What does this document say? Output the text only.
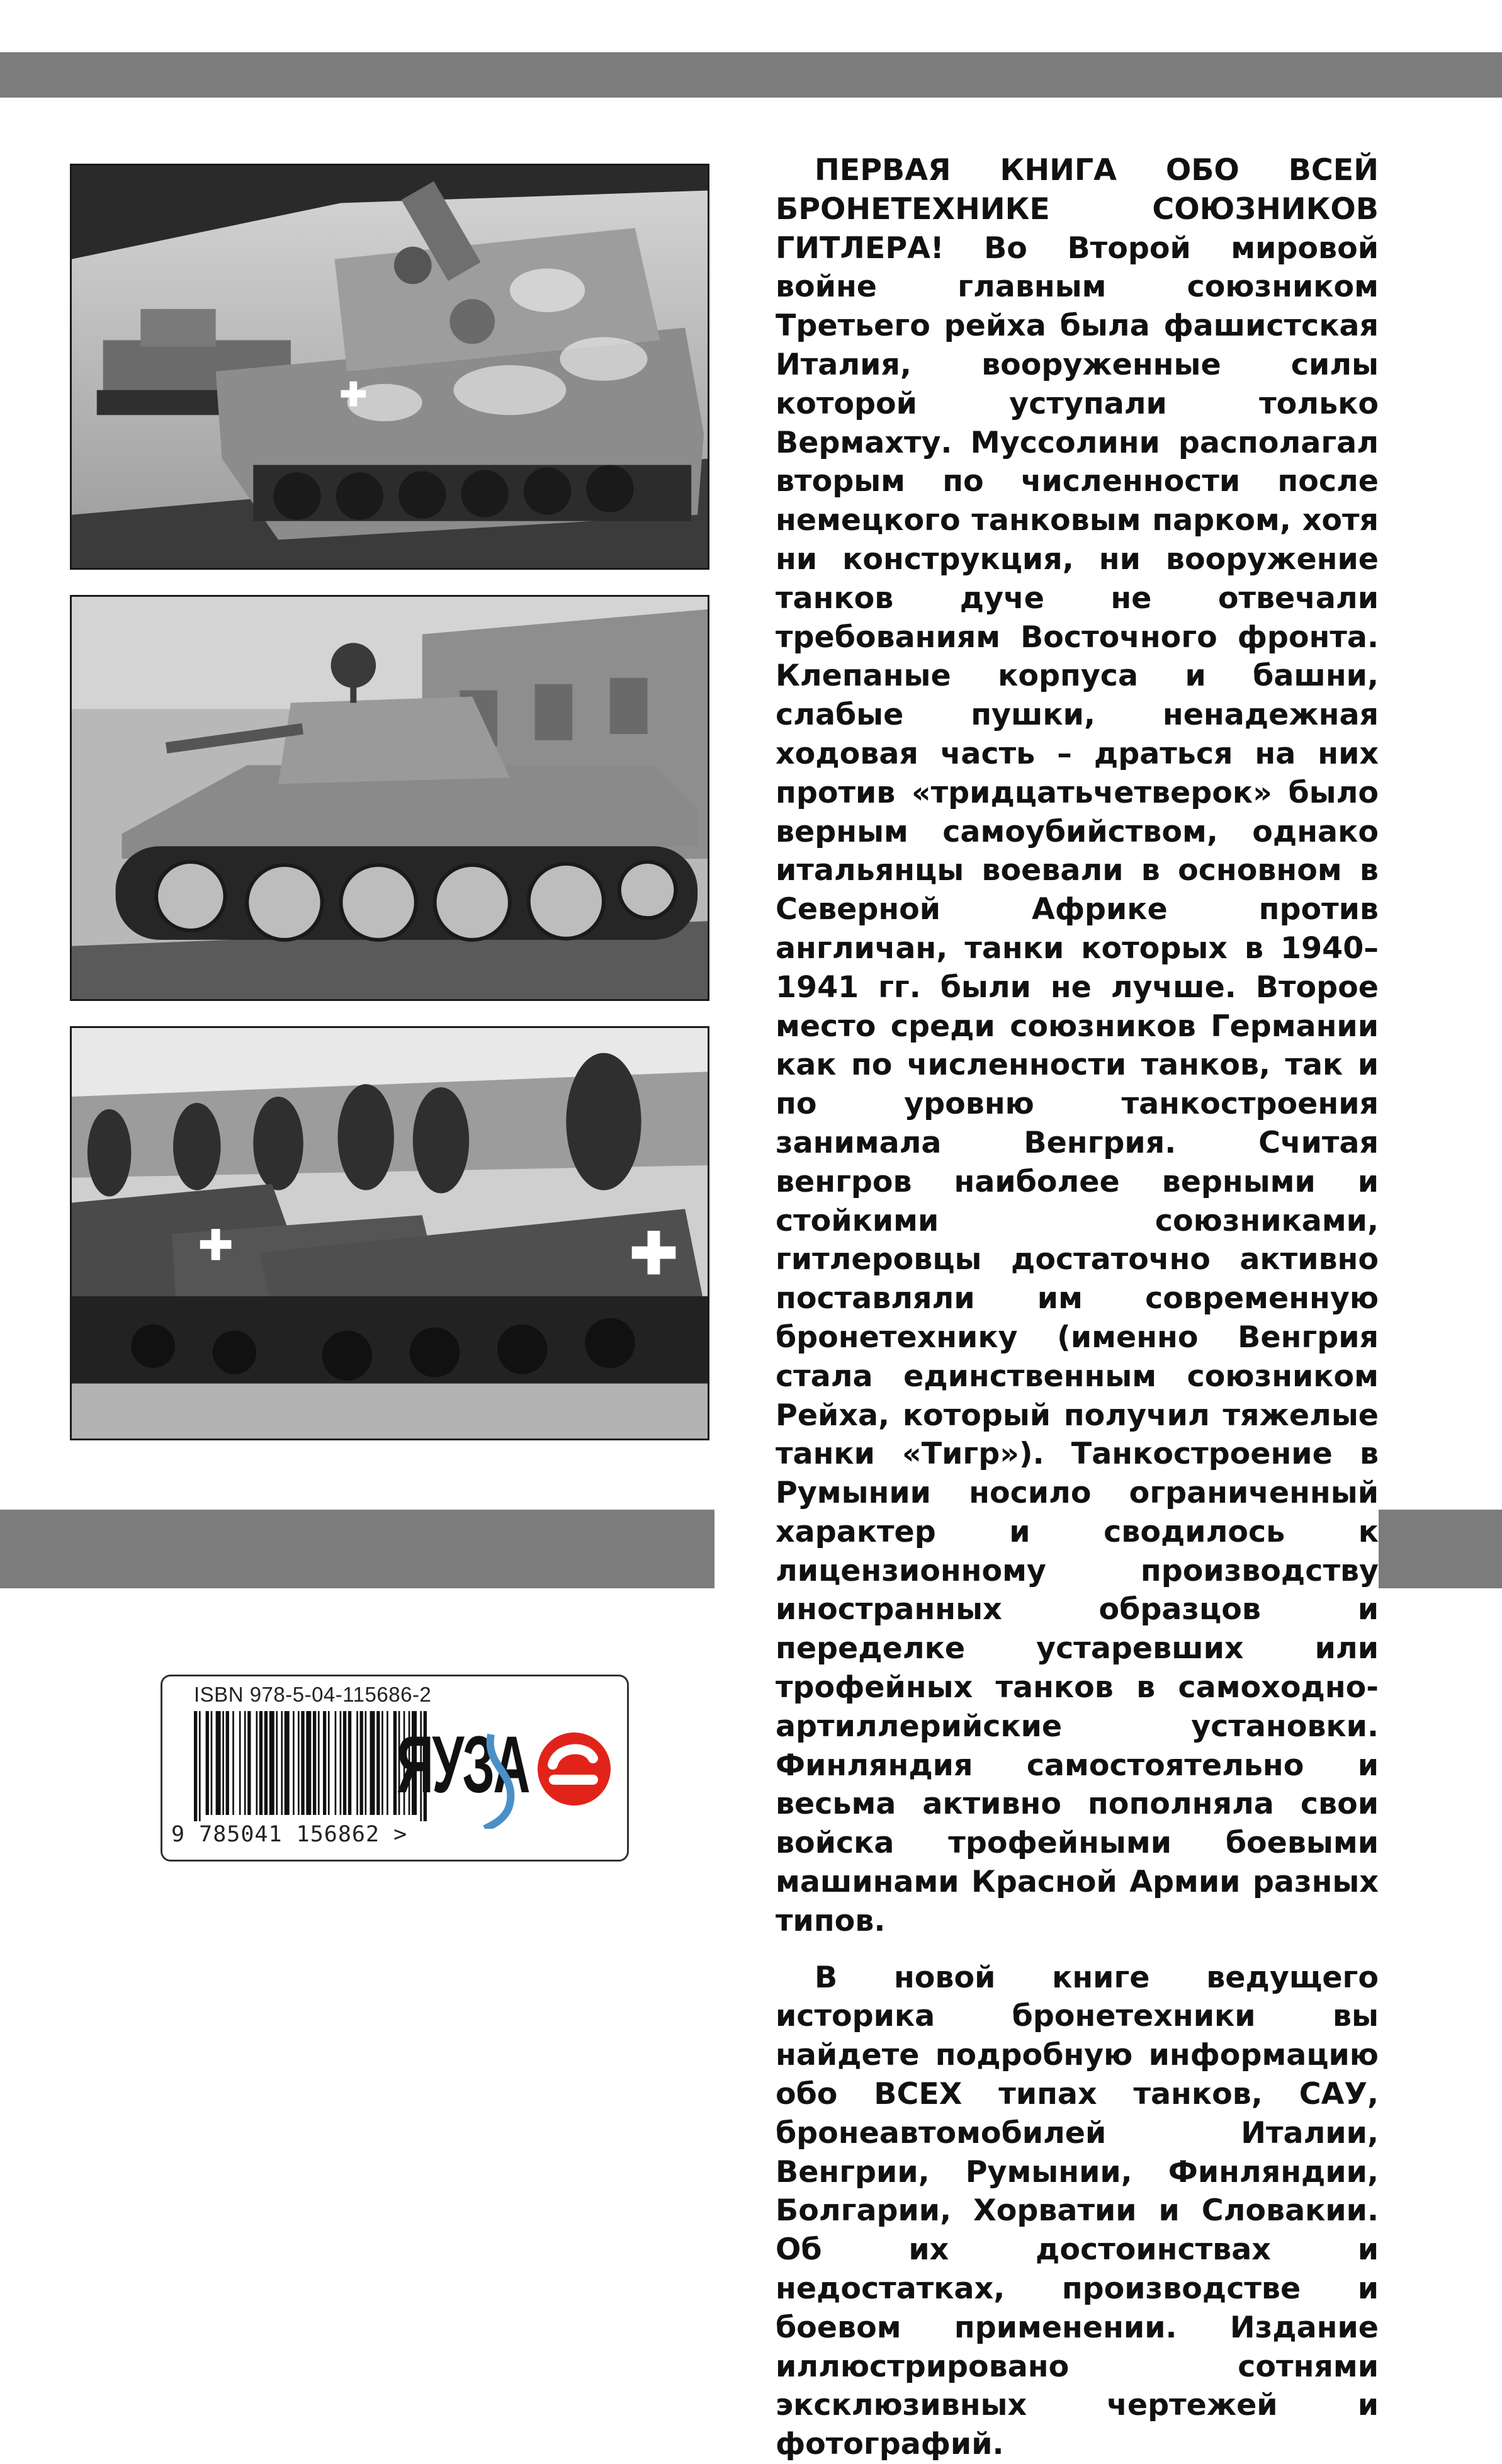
ПЕРВАЯ КНИГА ОБО ВСЕЙ БРОНЕТЕХНИКЕ СОЮЗНИКОВ ГИТЛЕРА! Во Второй мировой войне главным союзником Третьего рейха была фашистская Италия, вооруженные силы которой уступали только Вермахту. Муссолини располагал вторым по численности после немецкого танковым парком, хотя ни конструкция, ни вооружение танков дуче не отвечали требованиям Восточного фронта. Клепаные корпуса и башни, слабые пушки, ненадежная ходовая часть – драться на них против «тридцатьчетверок» было верным самоубийством, однако итальянцы воевали в основном в Северной Африке против англичан, танки которых в 1940–1941 гг. были не лучше. Второе место среди союзников Германии как по численности танков, так и по уровню танкостроения занимала Венгрия. Считая венгров наиболее верными и стойкими союзниками, гитлеровцы достаточно активно поставляли им современную бронетехнику (именно Венгрия стала единственным союзником Рейха, который получил тяжелые танки «Тигр»). Танкостроение в Румынии носило ограниченный характер и сводилось к лицензионному производству иностранных образцов и переделке устаревших или трофейных танков в самоходно-артиллерийские установки. Финляндия самостоятельно и весьма активно пополняла свои войска трофейными боевыми машинами Красной Армии разных типов.

В новой книге ведущего историка бронетехники вы найдете подробную информацию обо ВСЕХ типах танков, САУ, бронеавтомобилей Италии, Венгрии, Румынии, Финляндии, Болгарии, Хорватии и Словакии. Об их достоинствах и недостатках, производстве и боевом применении. Издание иллюстрировано сотнями эксклюзивных чертежей и фотографий.

ISBN 978-5-04-115686-2
9 785041 156862 >
ЯУЗА
